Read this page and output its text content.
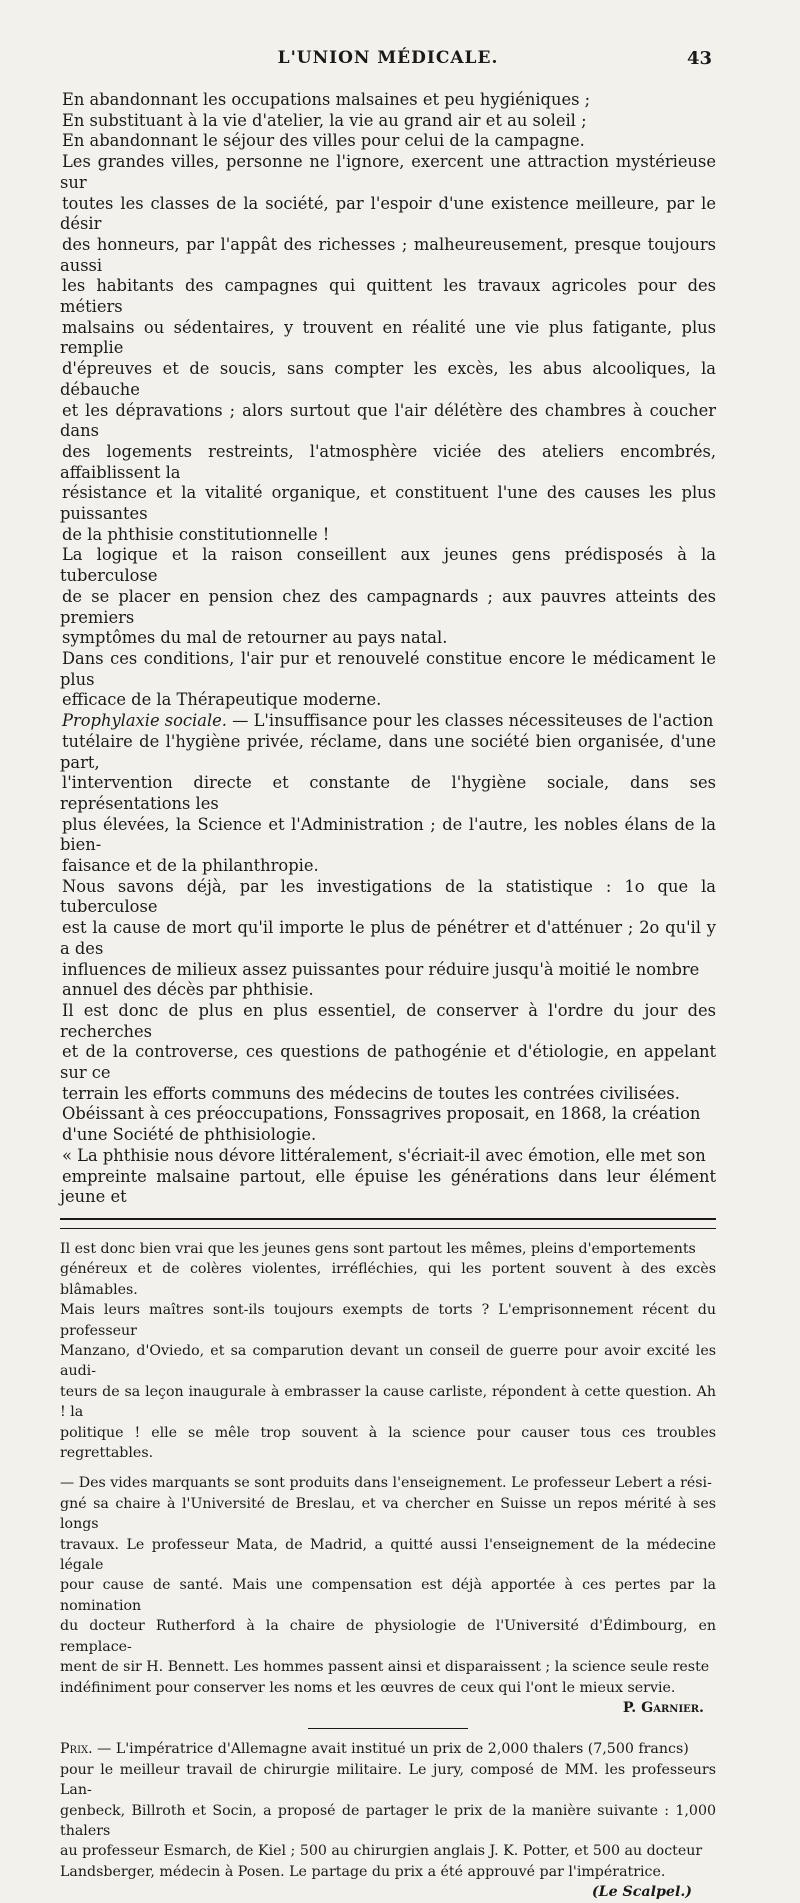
L'UNION MÉDICALE.	43

En abandonnant les occupations malsaines et peu hygiéniques ;
En substituant à la vie d'atelier, la vie au grand air et au soleil ;
En abandonnant le séjour des villes pour celui de la campagne.

Les grandes villes, personne ne l'ignore, exercent une attraction mystérieuse sur
toutes les classes de la société, par l'espoir d'une existence meilleure, par le désir
des honneurs, par l'appât des richesses ; malheureusement, presque toujours aussi
les habitants des campagnes qui quittent les travaux agricoles pour des métiers
malsains ou sédentaires, y trouvent en réalité une vie plus fatigante, plus remplie
d'épreuves et de soucis, sans compter les excès, les abus alcooliques, la débauche
et les dépravations ; alors surtout que l'air délétère des chambres à coucher dans
des logements restreints, l'atmosphère viciée des ateliers encombrés, affaiblissent la
résistance et la vitalité organique, et constituent l'une des causes les plus puissantes
de la phthisie constitutionnelle !

La logique et la raison conseillent aux jeunes gens prédisposés à la tuberculose
de se placer en pension chez des campagnards ; aux pauvres atteints des premiers
symptômes du mal de retourner au pays natal.

Dans ces conditions, l'air pur et renouvelé constitue encore le médicament le plus
efficace de la Thérapeutique moderne.

Prophylaxie sociale. — L'insuffisance pour les classes nécessiteuses de l'action
tutélaire de l'hygiène privée, réclame, dans une société bien organisée, d'une part,
l'intervention directe et constante de l'hygiène sociale, dans ses représentations les
plus élevées, la Science et l'Administration ; de l'autre, les nobles élans de la bien-
faisance et de la philanthropie.

Nous savons déjà, par les investigations de la statistique : 1o que la tuberculose
est la cause de mort qu'il importe le plus de pénétrer et d'atténuer ; 2o qu'il y a des
influences de milieux assez puissantes pour réduire jusqu'à moitié le nombre
annuel des décès par phthisie.

Il est donc de plus en plus essentiel, de conserver à l'ordre du jour des recherches
et de la controverse, ces questions de pathogénie et d'étiologie, en appelant sur ce
terrain les efforts communs des médecins de toutes les contrées civilisées.

Obéissant à ces préoccupations, Fonssagrives proposait, en 1868, la création
d'une Société de phthisiologie.

« La phthisie nous dévore littéralement, s'écriait-il avec émotion, elle met son
empreinte malsaine partout, elle épuise les générations dans leur élément jeune et

Il est donc bien vrai que les jeunes gens sont partout les mêmes, pleins d'emportements
généreux et de colères violentes, irréfléchies, qui les portent souvent à des excès blâmables.
Mais leurs maîtres sont-ils toujours exempts de torts ? L'emprisonnement récent du professeur
Manzano, d'Oviedo, et sa comparution devant un conseil de guerre pour avoir excité les audi-
teurs de sa leçon inaugurale à embrasser la cause carliste, répondent à cette question. Ah ! la
politique ! elle se mêle trop souvent à la science pour causer tous ces troubles regrettables.

— Des vides marquants se sont produits dans l'enseignement. Le professeur Lebert a rési-
gné sa chaire à l'Université de Breslau, et va chercher en Suisse un repos mérité à ses longs
travaux. Le professeur Mata, de Madrid, a quitté aussi l'enseignement de la médecine légale
pour cause de santé. Mais une compensation est déjà apportée à ces pertes par la nomination
du docteur Rutherford à la chaire de physiologie de l'Université d'Édimbourg, en remplace-
ment de sir H. Bennett. Les hommes passent ainsi et disparaissent ; la science seule reste
indéfiniment pour conserver les noms et les œuvres de ceux qui l'ont le mieux servie.

P. Garnier.

Prix. — L'impératrice d'Allemagne avait institué un prix de 2,000 thalers (7,500 francs)
pour le meilleur travail de chirurgie militaire. Le jury, composé de MM. les professeurs Lan-
genbeck, Billroth et Socin, a proposé de partager le prix de la manière suivante : 1,000 thalers
au professeur Esmarch, de Kiel ; 500 au chirurgien anglais J. K. Potter, et 500 au docteur
Landsberger, médecin à Posen. Le partage du prix a été approuvé par l'impératrice.

(Le Scalpel.)
